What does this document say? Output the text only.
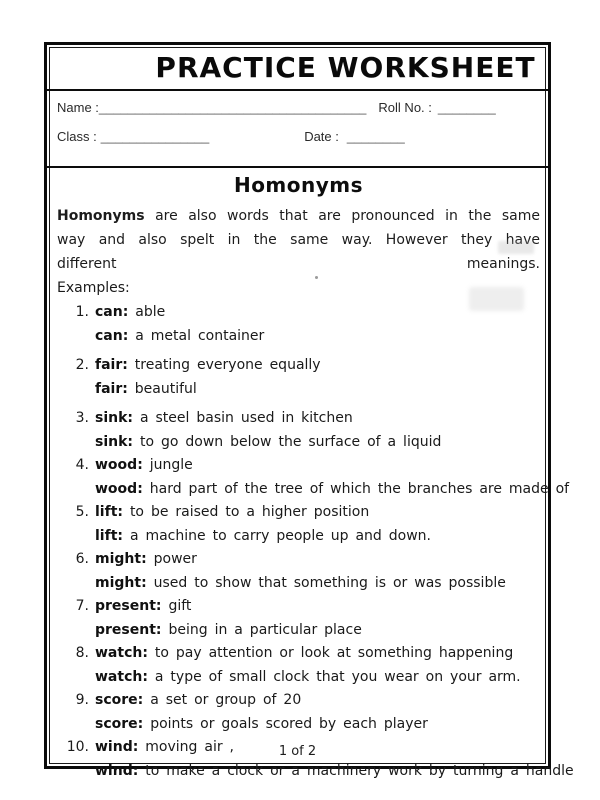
PRACTICE WORKSHEET
Name : _____________________________________ Roll No. : ________
Class : _______________	Date : ________
Homonyms

Homonyms are also words that are pronounced in the same way and also spelt in the same way. However they have different meanings.

Examples:
1. can: able
can: a metal container
2. fair: treating everyone equally
fair: beautiful
3. sink: a steel basin used in kitchen
sink: to go down below the surface of a liquid
4. wood: jungle
wood: hard part of the tree of which the branches are made of
5. lift: to be raised to a higher position
lift: a machine to carry people up and down.
6. might: power
might: used to show that something is or was possible
7. present: gift
present: being in a particular place
8. watch: to pay attention or look at something happening
watch: a type of small clock that you wear on your arm.
9. score: a set or group of 20
score: points or goals scored by each player
10. wind: moving air ,
wind: to make a clock or a machinery work by turning a handle
1 of 2
